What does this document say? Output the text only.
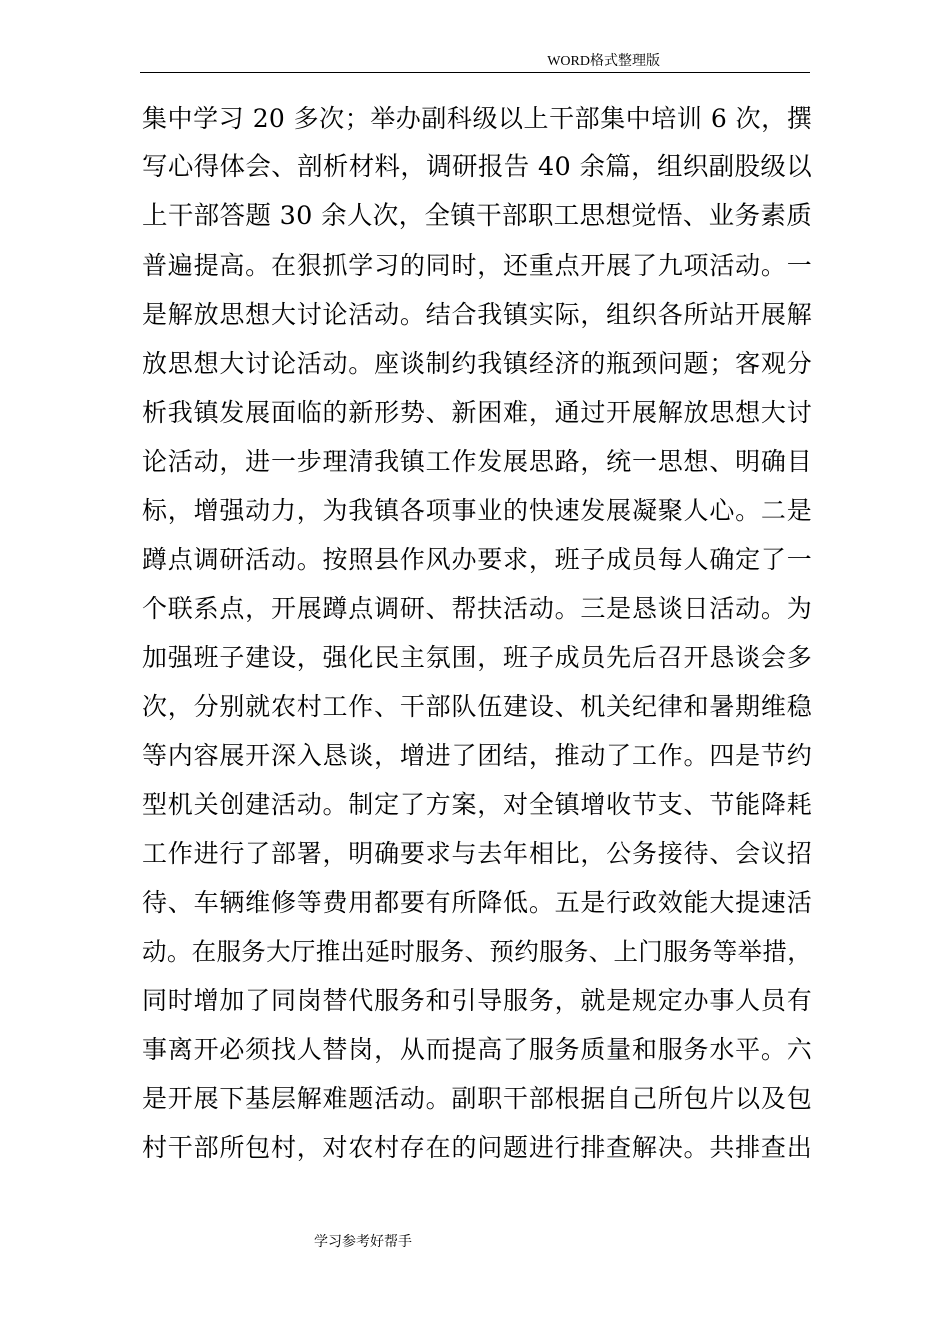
WORD格式整理版
集中学习 20 多次；举办副科级以上干部集中培训 6 次，撰
写心得体会、剖析材料，调研报告 40 余篇，组织副股级以
上干部答题 30 余人次，全镇干部职工思想觉悟、业务素质
普遍提高。在狠抓学习的同时，还重点开展了九项活动。一
是解放思想大讨论活动。结合我镇实际，组织各所站开展解
放思想大讨论活动。座谈制约我镇经济的瓶颈问题；客观分
析我镇发展面临的新形势、新困难，通过开展解放思想大讨
论活动，进一步理清我镇工作发展思路，统一思想、明确目
标，增强动力，为我镇各项事业的快速发展凝聚人心。二是
蹲点调研活动。按照县作风办要求，班子成员每人确定了一
个联系点，开展蹲点调研、帮扶活动。三是恳谈日活动。为
加强班子建设，强化民主氛围，班子成员先后召开恳谈会多
次，分别就农村工作、干部队伍建设、机关纪律和暑期维稳
等内容展开深入恳谈，增进了团结，推动了工作。四是节约
型机关创建活动。制定了方案，对全镇增收节支、节能降耗
工作进行了部署，明确要求与去年相比，公务接待、会议招
待、车辆维修等费用都要有所降低。五是行政效能大提速活
动。在服务大厅推出延时服务、预约服务、上门服务等举措，
同时增加了同岗替代服务和引导服务，就是规定办事人员有
事离开必须找人替岗，从而提高了服务质量和服务水平。六
是开展下基层解难题活动。副职干部根据自己所包片以及包
村干部所包村，对农村存在的问题进行排查解决。共排查出
学习参考好帮手
